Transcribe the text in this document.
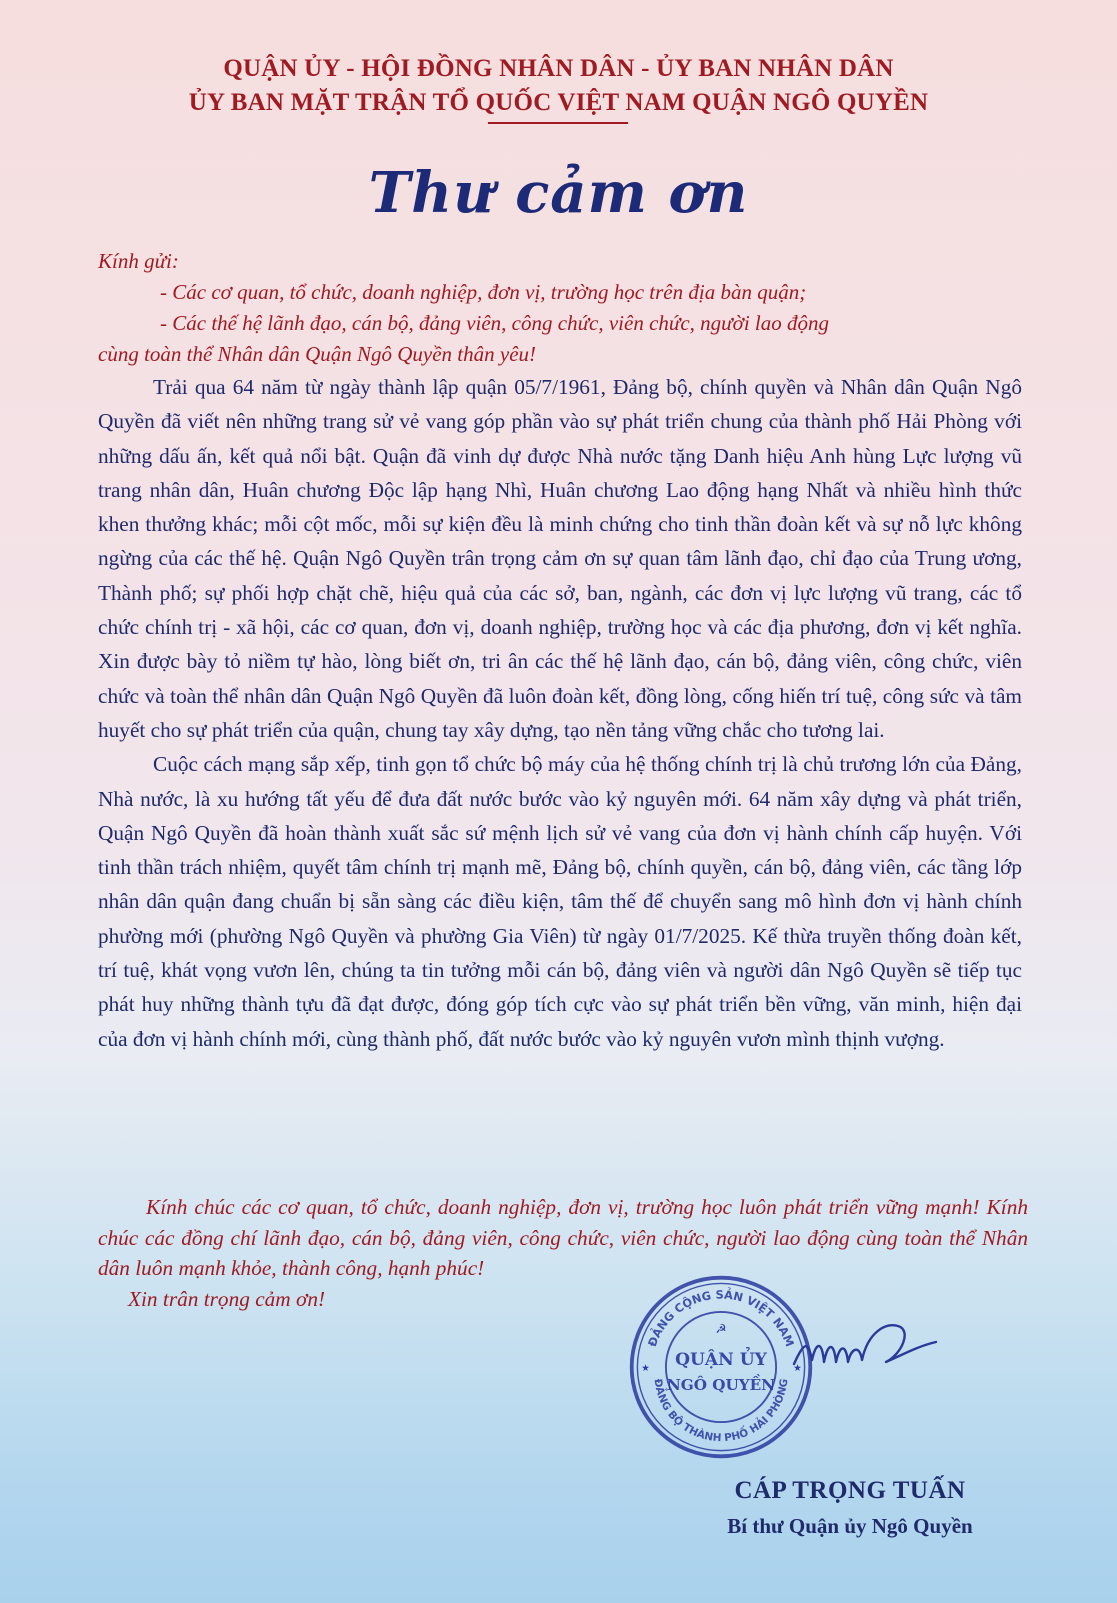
QUẬN ỦY - HỘI ĐỒNG NHÂN DÂN - ỦY BAN NHÂN DÂN
ỦY BAN MẶT TRẬN TỔ QUỐC VIỆT NAM QUẬN NGÔ QUYỀN
Thư cảm ơn
Kính gửi:
- Các cơ quan, tổ chức, doanh nghiệp, đơn vị, trường học trên địa bàn quận;
- Các thế hệ lãnh đạo, cán bộ, đảng viên, công chức, viên chức, người lao động
cùng toàn thể Nhân dân Quận Ngô Quyền thân yêu!

Trải qua 64 năm từ ngày thành lập quận 05/7/1961, Đảng bộ, chính quyền và Nhân dân Quận Ngô Quyền đã viết nên những trang sử vẻ vang góp phần vào sự phát triển chung của thành phố Hải Phòng với những dấu ấn, kết quả nổi bật. Quận đã vinh dự được Nhà nước tặng Danh hiệu Anh hùng Lực lượng vũ trang nhân dân, Huân chương Độc lập hạng Nhì, Huân chương Lao động hạng Nhất và nhiều hình thức khen thưởng khác; mỗi cột mốc, mỗi sự kiện đều là minh chứng cho tinh thần đoàn kết và sự nỗ lực không ngừng của các thế hệ. Quận Ngô Quyền trân trọng cảm ơn sự quan tâm lãnh đạo, chỉ đạo của Trung ương, Thành phố; sự phối hợp chặt chẽ, hiệu quả của các sở, ban, ngành, các đơn vị lực lượng vũ trang, các tổ chức chính trị - xã hội, các cơ quan, đơn vị, doanh nghiệp, trường học và các địa phương, đơn vị kết nghĩa. Xin được bày tỏ niềm tự hào, lòng biết ơn, tri ân các thế hệ lãnh đạo, cán bộ, đảng viên, công chức, viên chức và toàn thể nhân dân Quận Ngô Quyền đã luôn đoàn kết, đồng lòng, cống hiến trí tuệ, công sức và tâm huyết cho sự phát triển của quận, chung tay xây dựng, tạo nền tảng vững chắc cho tương lai.

Cuộc cách mạng sắp xếp, tinh gọn tổ chức bộ máy của hệ thống chính trị là chủ trương lớn của Đảng, Nhà nước, là xu hướng tất yếu để đưa đất nước bước vào kỷ nguyên mới. 64 năm xây dựng và phát triển, Quận Ngô Quyền đã hoàn thành xuất sắc sứ mệnh lịch sử vẻ vang của đơn vị hành chính cấp huyện. Với tinh thần trách nhiệm, quyết tâm chính trị mạnh mẽ, Đảng bộ, chính quyền, cán bộ, đảng viên, các tầng lớp nhân dân quận đang chuẩn bị sẵn sàng các điều kiện, tâm thế để chuyển sang mô hình đơn vị hành chính phường mới (phường Ngô Quyền và phường Gia Viên) từ ngày 01/7/2025. Kế thừa truyền thống đoàn kết, trí tuệ, khát vọng vươn lên, chúng ta tin tưởng mỗi cán bộ, đảng viên và người dân Ngô Quyền sẽ tiếp tục phát huy những thành tựu đã đạt được, đóng góp tích cực vào sự phát triển bền vững, văn minh, hiện đại của đơn vị hành chính mới, cùng thành phố, đất nước bước vào kỷ nguyên vươn mình thịnh vượng.

Kính chúc các cơ quan, tổ chức, doanh nghiệp, đơn vị, trường học luôn phát triển vững mạnh! Kính chúc các đồng chí lãnh đạo, cán bộ, đảng viên, công chức, viên chức, người lao động cùng toàn thể Nhân dân luôn mạnh khỏe, thành công, hạnh phúc!

Xin trân trọng cảm ơn!

ĐẢNG CỘNG SẢN VIỆT NAM
ĐẢNG BỘ THÀNH PHỐ HẢI PHÒNG
☭
QUẬN ỦY
NGÔ QUYỀN
★	★
CÁP TRỌNG TUẤN
Bí thư Quận ủy Ngô Quyền
